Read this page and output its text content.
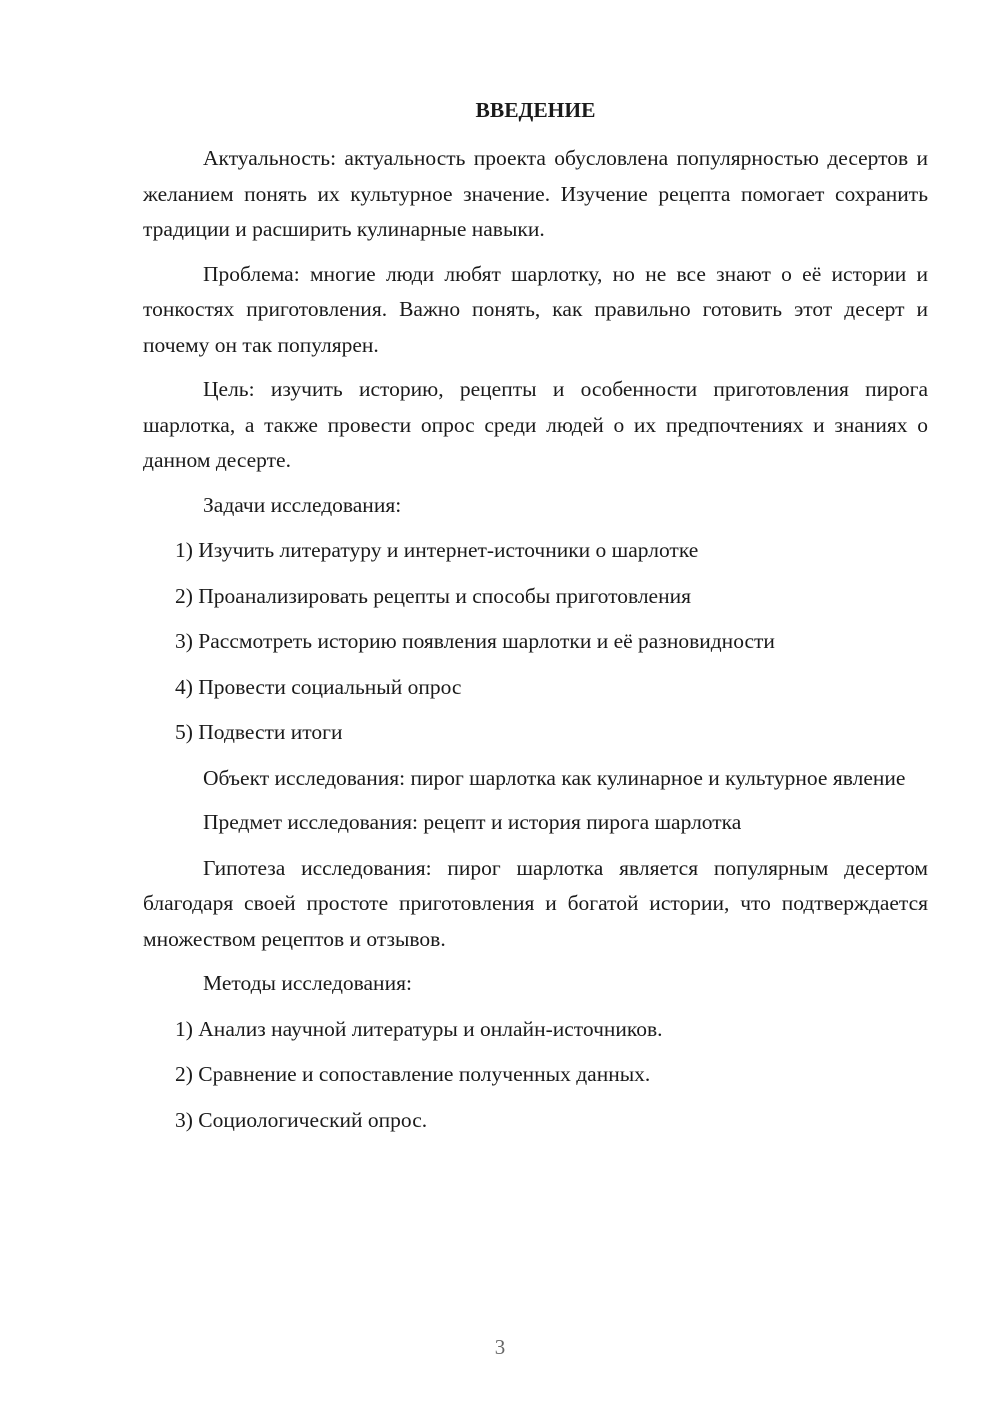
ВВЕДЕНИЕ

Актуальность: актуальность проекта обусловлена популярностью десертов и желанием понять их культурное значение. Изучение рецепта помогает сохранить традиции и расширить кулинарные навыки.

Проблема: многие люди любят шарлотку, но не все знают о её истории и тонкостях приготовления. Важно понять, как правильно готовить этот десерт и почему он так популярен.

Цель: изучить историю, рецепты и особенности приготовления пирога шарлотка, а также провести опрос среди людей о их предпочтениях и знаниях о данном десерте.

Задачи исследования:
1) Изучить литературу и интернет-источники о шарлотке
2) Проанализировать рецепты и способы приготовления
3) Рассмотреть историю появления шарлотки и её разновидности
4) Провести социальный опрос
5) Подвести итоги

Объект исследования: пирог шарлотка как кулинарное и культурное явление

Предмет исследования: рецепт и история пирога шарлотка

Гипотеза исследования: пирог шарлотка является популярным десертом благодаря своей простоте приготовления и богатой истории, что подтверждается множеством рецептов и отзывов.

Методы исследования:
1) Анализ научной литературы и онлайн-источников.
2) Сравнение и сопоставление полученных данных.
3) Социологический опрос.
3
